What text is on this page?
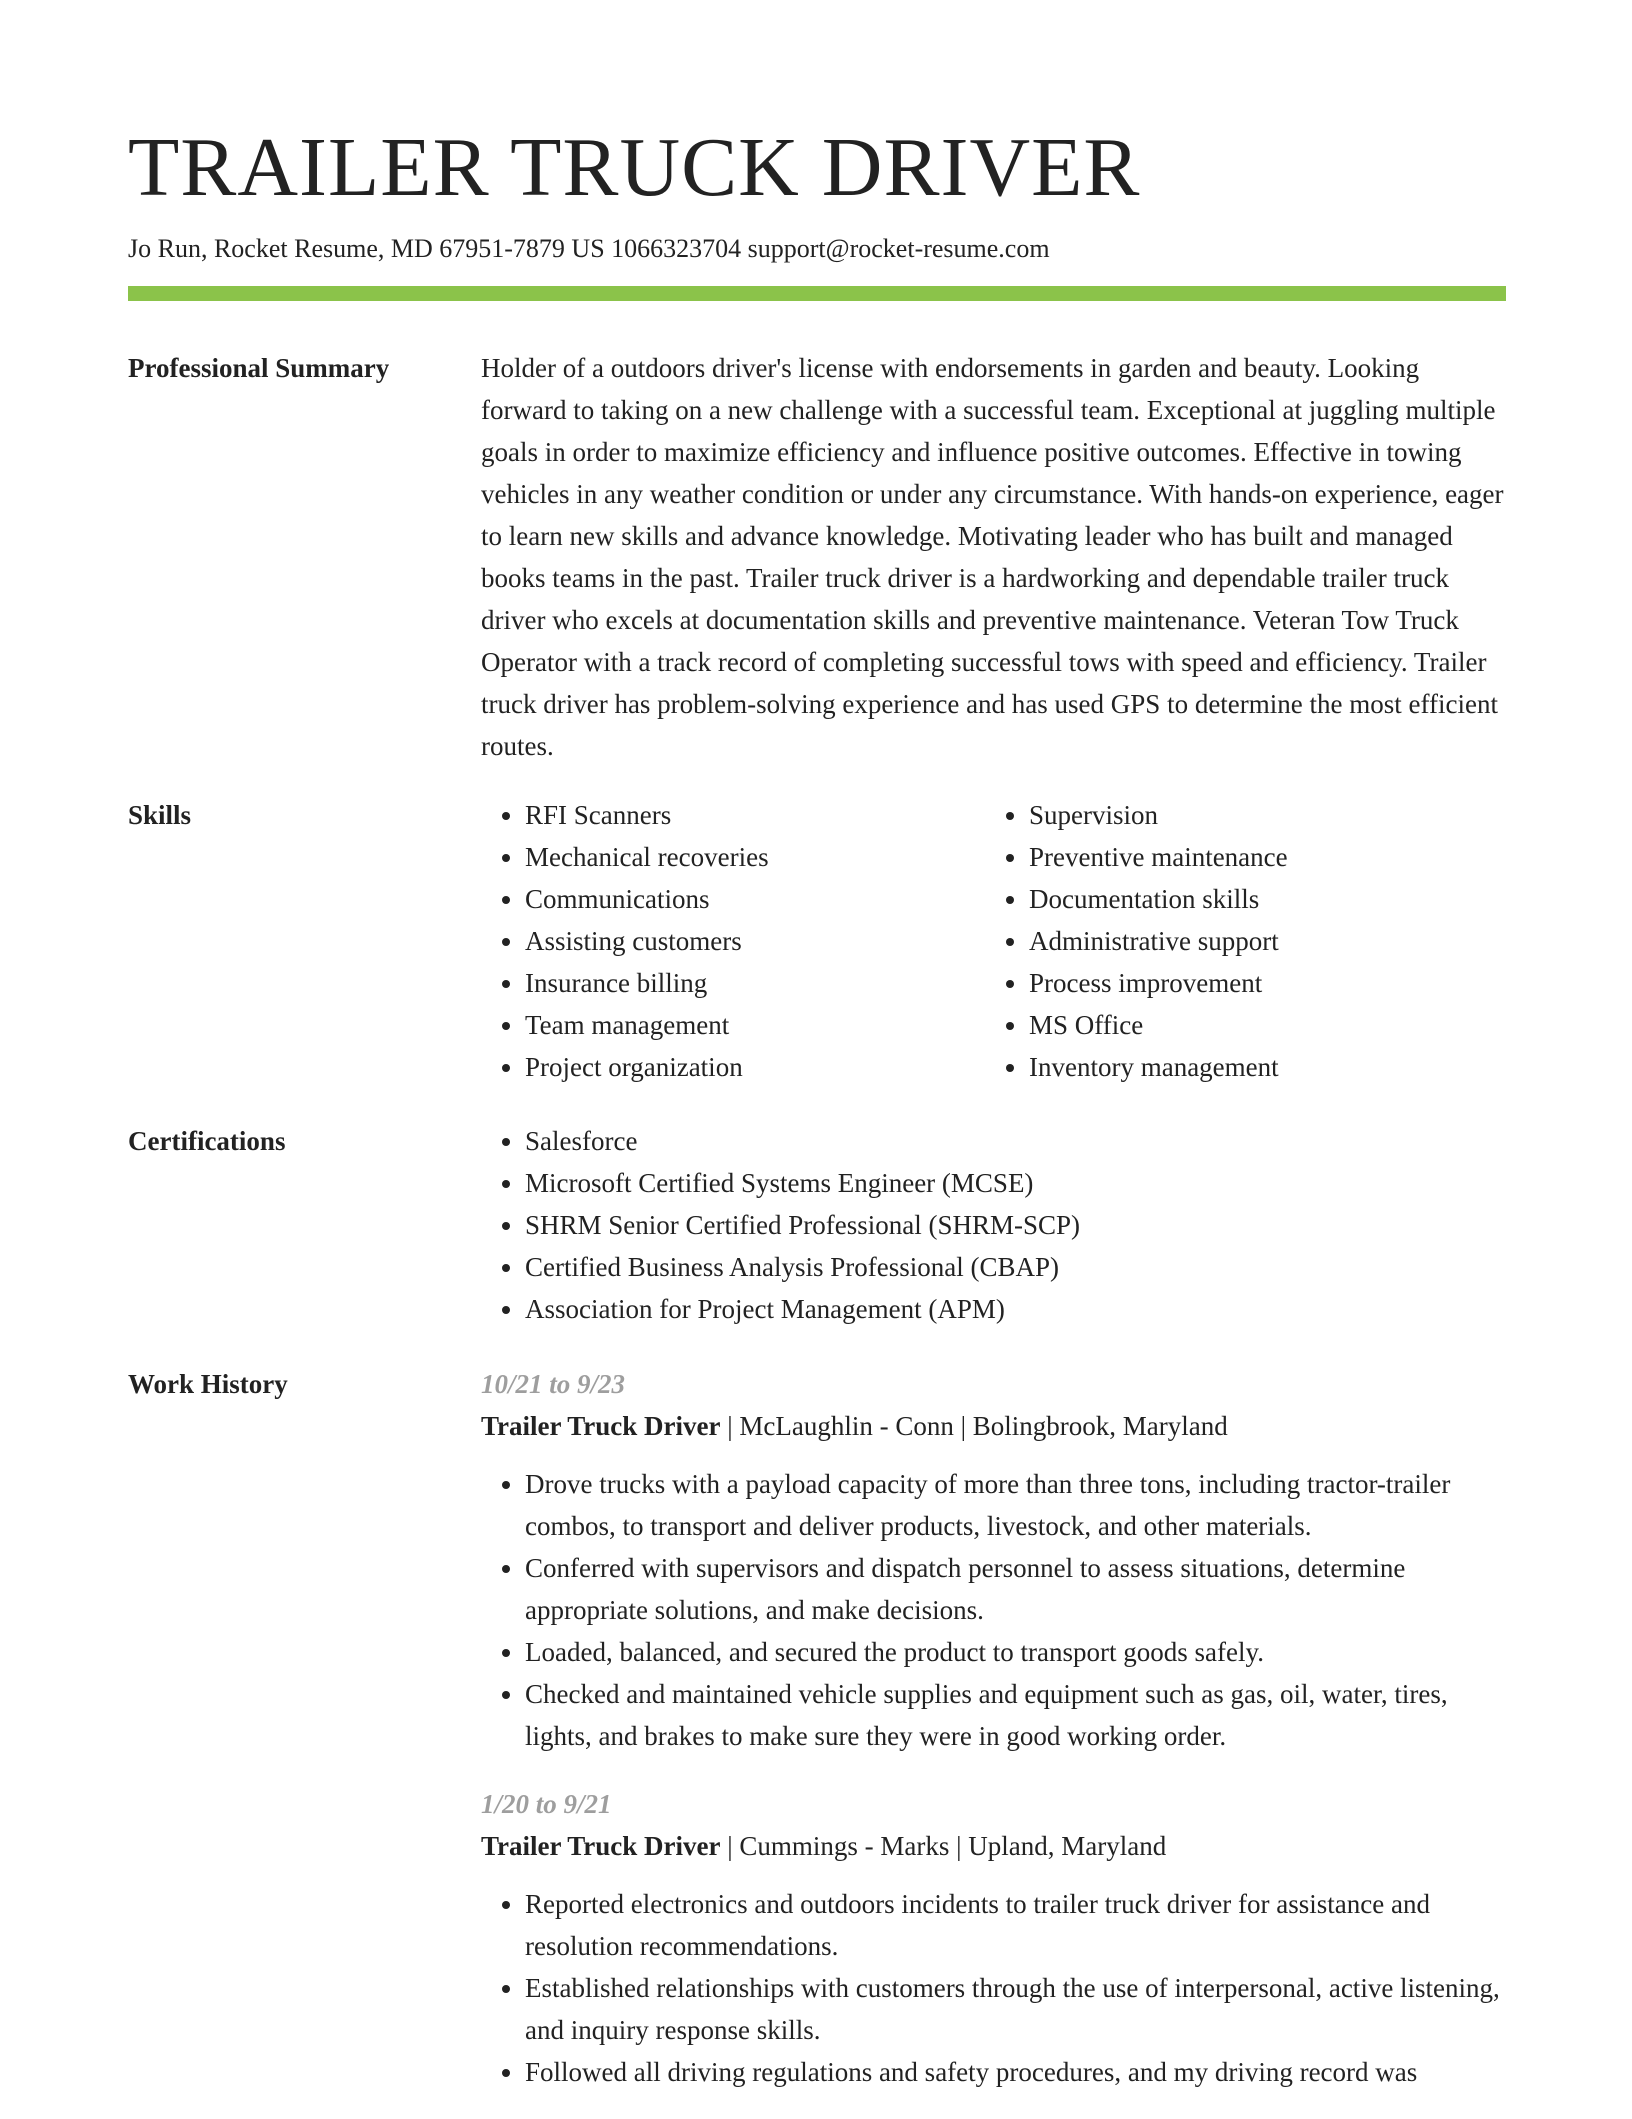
TRAILER TRUCK DRIVER
Jo Run, Rocket Resume, MD 67951-7879 US 1066323704 support@rocket-resume.com
Professional Summary	Holder of a outdoors driver's license with endorsements in garden and beauty. Looking forward to taking on a new challenge with a successful team. Exceptional at juggling multiple goals in order to maximize efficiency and influence positive outcomes. Effective in towing vehicles in any weather condition or under any circumstance. With hands-on experience, eager to learn new skills and advance knowledge. Motivating leader who has built and managed books teams in the past. Trailer truck driver is a hardworking and dependable trailer truck driver who excels at documentation skills and preventive maintenance. Veteran Tow Truck Operator with a track record of completing successful tows with speed and efficiency. Trailer truck driver has problem-solving experience and has used GPS to determine the most efficient routes.

Skills	• RFI Scanners
• Mechanical recoveries
• Communications
• Assisting customers
• Insurance billing
• Team management
• Project organization
• Supervision
• Preventive maintenance
• Documentation skills
• Administrative support
• Process improvement
• MS Office
• Inventory management
Certifications	• Salesforce
• Microsoft Certified Systems Engineer (MCSE)
• SHRM Senior Certified Professional (SHRM-SCP)
• Certified Business Analysis Professional (CBAP)
• Association for Project Management (APM)
Work History	10/21 to 9/23
Trailer Truck Driver | McLaughlin - Conn | Bolingbrook, Maryland
• Drove trucks with a payload capacity of more than three tons, including tractor-trailer combos, to transport and deliver products, livestock, and other materials.
• Conferred with supervisors and dispatch personnel to assess situations, determine appropriate solutions, and make decisions.
• Loaded, balanced, and secured the product to transport goods safely.
• Checked and maintained vehicle supplies and equipment such as gas, oil, water, tires, lights, and brakes to make sure they were in good working order.
1/20 to 9/21
Trailer Truck Driver | Cummings - Marks | Upland, Maryland
• Reported electronics and outdoors incidents to trailer truck driver for assistance and resolution recommendations.
• Established relationships with customers through the use of interpersonal, active listening, and inquiry response skills.
• Followed all driving regulations and safety procedures, and my driving record was
